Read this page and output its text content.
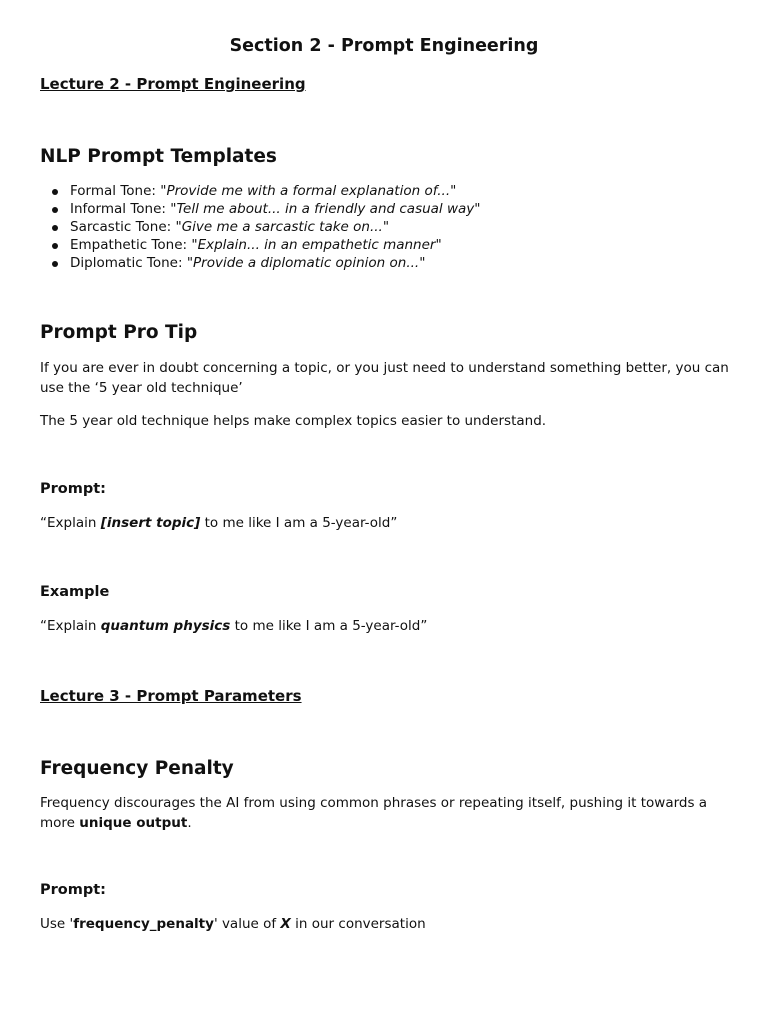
Section 2 - Prompt Engineering
Lecture 2 - Prompt Engineering
NLP Prompt Templates
Formal Tone: "Provide me with a formal explanation of..."
Informal Tone: "Tell me about... in a friendly and casual way"
Sarcastic Tone: "Give me a sarcastic take on..."
Empathetic Tone: "Explain... in an empathetic manner"
Diplomatic Tone: "Provide a diplomatic opinion on..."
Prompt Pro Tip

If you are ever in doubt concerning a topic, or you just need to understand something better, you can use the ‘5 year old technique’

The 5 year old technique helps make complex topics easier to understand.

Prompt:

“Explain [insert topic] to me like I am a 5-year-old”

Example

“Explain quantum physics to me like I am a 5-year-old”

Lecture 3 - Prompt Parameters
Frequency Penalty

Frequency discourages the AI from using common phrases or repeating itself, pushing it towards a more unique output.

Prompt:

Use 'frequency_penalty' value of X in our conversation
